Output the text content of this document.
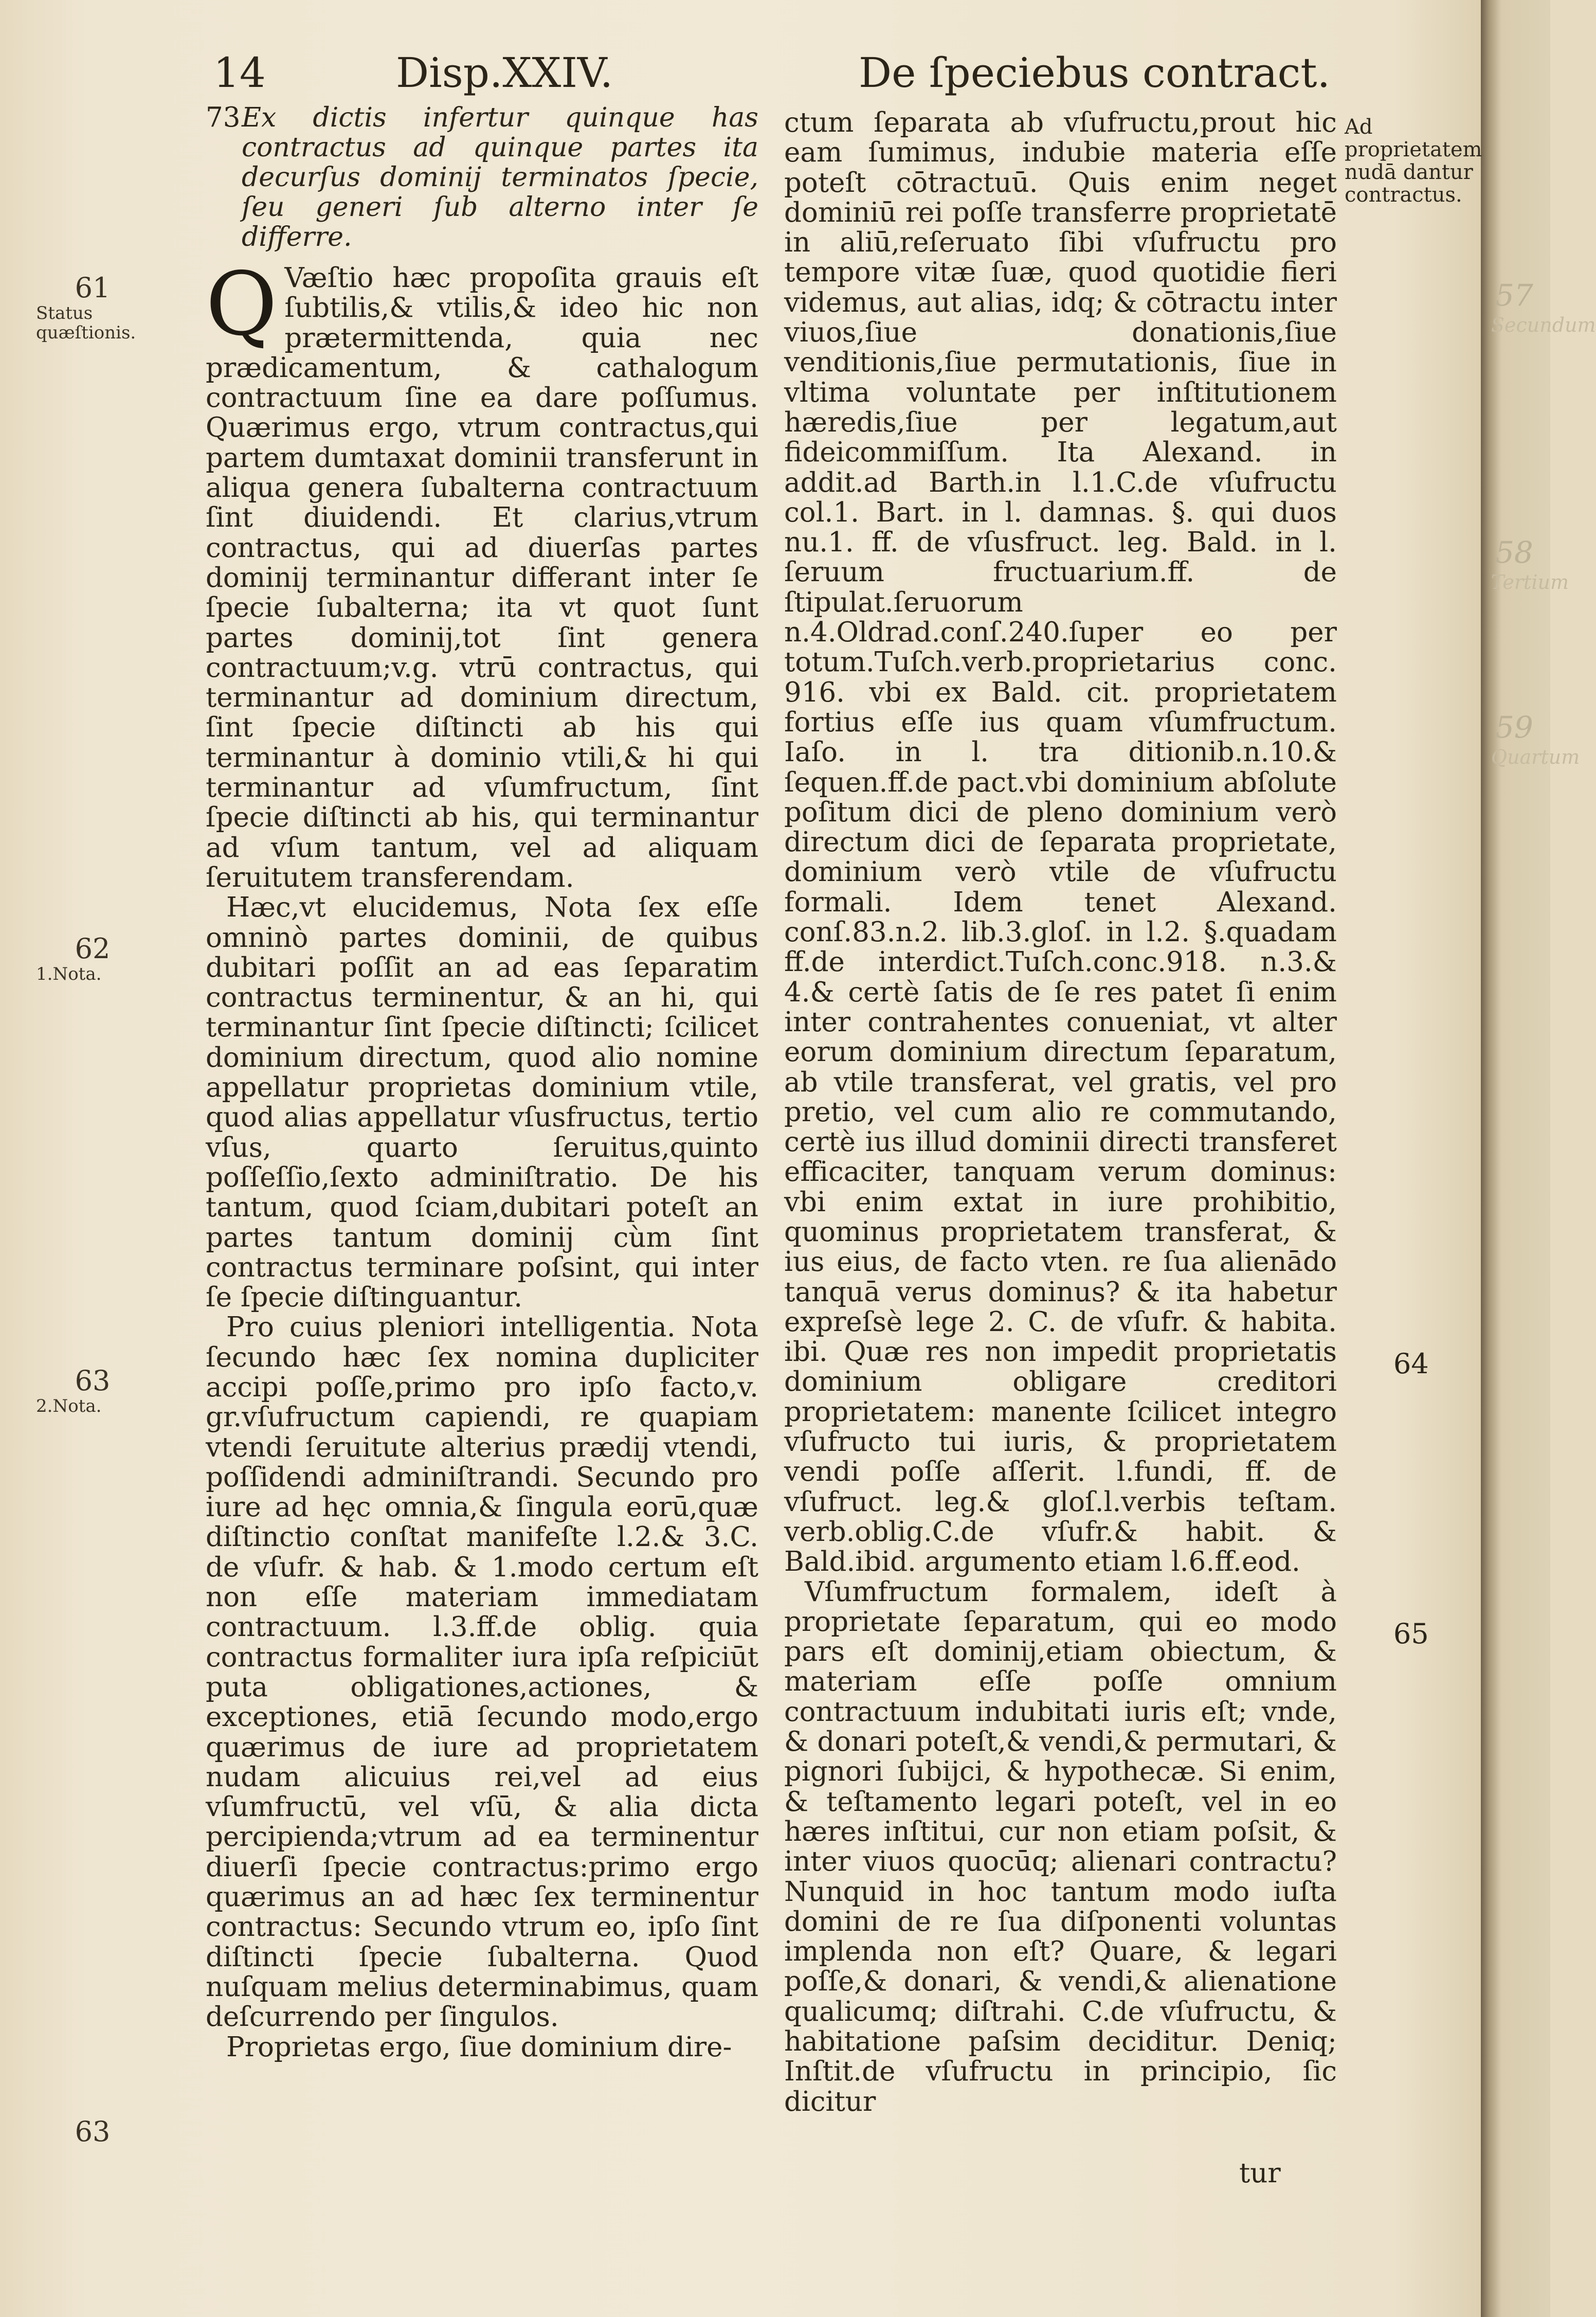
57
Secundum
58
Tertium
59
Quartum
14	Disp.XXIV.	De ſpeciebus contract.
73 Ex dictis infertur quinque has contractus ad quinque partes ita decurſus dominij terminatos ſpecie, ſeu generi ſub alterno inter ſe differre.
Q Væſtio hæc propoſita grauis eſt ſubtilis,& vtilis,& ideo hic non prætermittenda, quia nec prædicamentum, & cathalogum contractuum ſine ea dare poſſumus. Quærimus ergo, vtrum contractus,qui partem dumtaxat dominii transferunt in aliqua genera ſubalterna contractuum ſint diuidendi. Et clarius,vtrum contractus, qui ad diuerſas partes dominij terminantur differant inter ſe ſpecie ſubalterna; ita vt quot ſunt partes dominij,tot ſint genera contractuum;v.g. vtrū contractus, qui terminantur ad dominium directum, ſint ſpecie diſtincti ab his qui terminantur à dominio vtili,& hi qui terminantur ad vſumfructum, ſint ſpecie diſtincti ab his, qui terminantur ad vſum tantum, vel ad aliquam ſeruitutem transferendam.

Hæc,vt elucidemus, Nota ſex eſſe omninò partes dominii, de quibus dubitari poſſit an ad eas ſeparatim contractus terminentur, & an hi, qui terminantur ſint ſpecie diſtincti; ſcilicet dominium directum, quod alio nomine appellatur proprietas dominium vtile, quod alias appellatur vſusfructus, tertio vſus, quarto ſeruitus,quinto poſſeſſio,ſexto adminiſtratio. De his tantum, quod ſciam,dubitari poteſt an partes tantum dominij cùm ſint contractus terminare poſsint, qui inter ſe ſpecie diſtinguantur.

Pro cuius pleniori intelligentia. Nota ſecundo hæc ſex nomina dupliciter accipi poſſe,primo pro ipſo facto,v. gr.vſufructum capiendi, re quapiam vtendi ſeruitute alterius prædij vtendi, poſſidendi adminiſtrandi. Secundo pro iure ad hęc omnia,& ſingula eorū,quæ diſtinctio conſtat manifeſte l.2.& 3.C. de vſufr. & hab. & 1.modo certum eſt non eſſe materiam immediatam contractuum. l.3.ff.de oblig. quia contractus formaliter iura ipſa reſpiciūt puta obligationes,actiones, & exceptiones, etiā ſecundo modo,ergo quærimus de iure ad proprietatem nudam alicuius rei,vel ad eius vſumfructū, vel vſū, & alia dicta percipienda;vtrum ad ea terminentur diuerſi ſpecie contractus:primo ergo quærimus an ad hæc ſex terminentur contractus: Secundo vtrum eo, ipſo ſint diſtincti ſpecie ſubalterna. Quod nuſquam melius determinabimus, quam deſcurrendo per ſingulos.

Proprietas ergo, ſiue dominium dire-

ctum ſeparata ab vſufructu,prout hic eam ſumimus, indubie materia eſſe poteſt cōtractuū. Quis enim neget dominiū rei poſſe transferre proprietatē in aliū,reſeruato ſibi vſufructu pro tempore vitæ ſuæ, quod quotidie fieri videmus, aut alias, idq; & cōtractu inter viuos,ſiue donationis,ſiue venditionis,ſiue permutationis, ſiue in vltima voluntate per inſtitutionem hæredis,ſiue per legatum,aut fideicommiſſum. Ita Alexand. in addit.ad Barth.in l.1.C.de vſufructu col.1. Bart. in l. damnas. §. qui duos nu.1. ff. de vſusfruct. leg. Bald. in l. ſeruum fructuarium.ff. de ſtipulat.ſeruorum n.4.Oldrad.conſ.240.ſuper eo per totum.Tuſch.verb.proprietarius conc. 916. vbi ex Bald. cit. proprietatem fortius eſſe ius quam vſumfructum. Iaſo. in l. tra ditionib.n.10.& ſequen.ff.de pact.vbi dominium abſolute poſitum dici de pleno dominium verò directum dici de ſeparata proprietate, dominium verò vtile de vſufructu formali. Idem tenet Alexand. conſ.83.n.2. lib.3.gloſ. in l.2. §.quadam ff.de interdict.Tuſch.conc.918. n.3.& 4.& certè ſatis de ſe res patet ſi enim inter contrahentes conueniat, vt alter eorum dominium directum ſeparatum, ab vtile transferat, vel gratis, vel pro pretio, vel cum alio re commutando, certè ius illud dominii directi transferet efficaciter, tanquam verum dominus: vbi enim extat in iure prohibitio, quominus proprietatem transferat, & ius eius, de facto vten. re ſua alienādo tanquā verus dominus? & ita habetur expreſsè lege 2. C. de vſufr. & habita. ibi. Quæ res non impedit proprietatis dominium obligare creditori proprietatem: manente ſcilicet integro vſufructo tui iuris, & proprietatem vendi poſſe aſſerit. l.fundi, ff. de vſufruct. leg.& gloſ.l.verbis teſtam. verb.oblig.C.de vſufr.& habit. & Bald.ibid. argumento etiam l.6.ff.eod.

Vſumfructum formalem, ideſt à proprietate ſeparatum, qui eo modo pars eſt dominij,etiam obiectum, & materiam eſſe poſſe omnium contractuum indubitati iuris eſt; vnde, & donari poteſt,& vendi,& permutari, & pignori ſubijci, & hypothecæ. Si enim, & teſtamento legari poteſt, vel in eo hæres inſtitui, cur non etiam poſsit, & inter viuos quocūq; alienari contractu? Nunquid in hoc tantum modo iuſta domini de re ſua diſponenti voluntas implenda non eſt? Quare, & legari poſſe,& donari, & vendi,& alienatione qualicumq; diſtrahi. C.de vſufructu, & habitatione paſsim deciditur. Deniq; Inſtit.de vſufructu in principio, ſic dicitur

tur
61
Status quæſtionis.
62
1.Nota.
63
2.Nota.
63
Ad proprietatem nudā dantur contractus.
64
65
